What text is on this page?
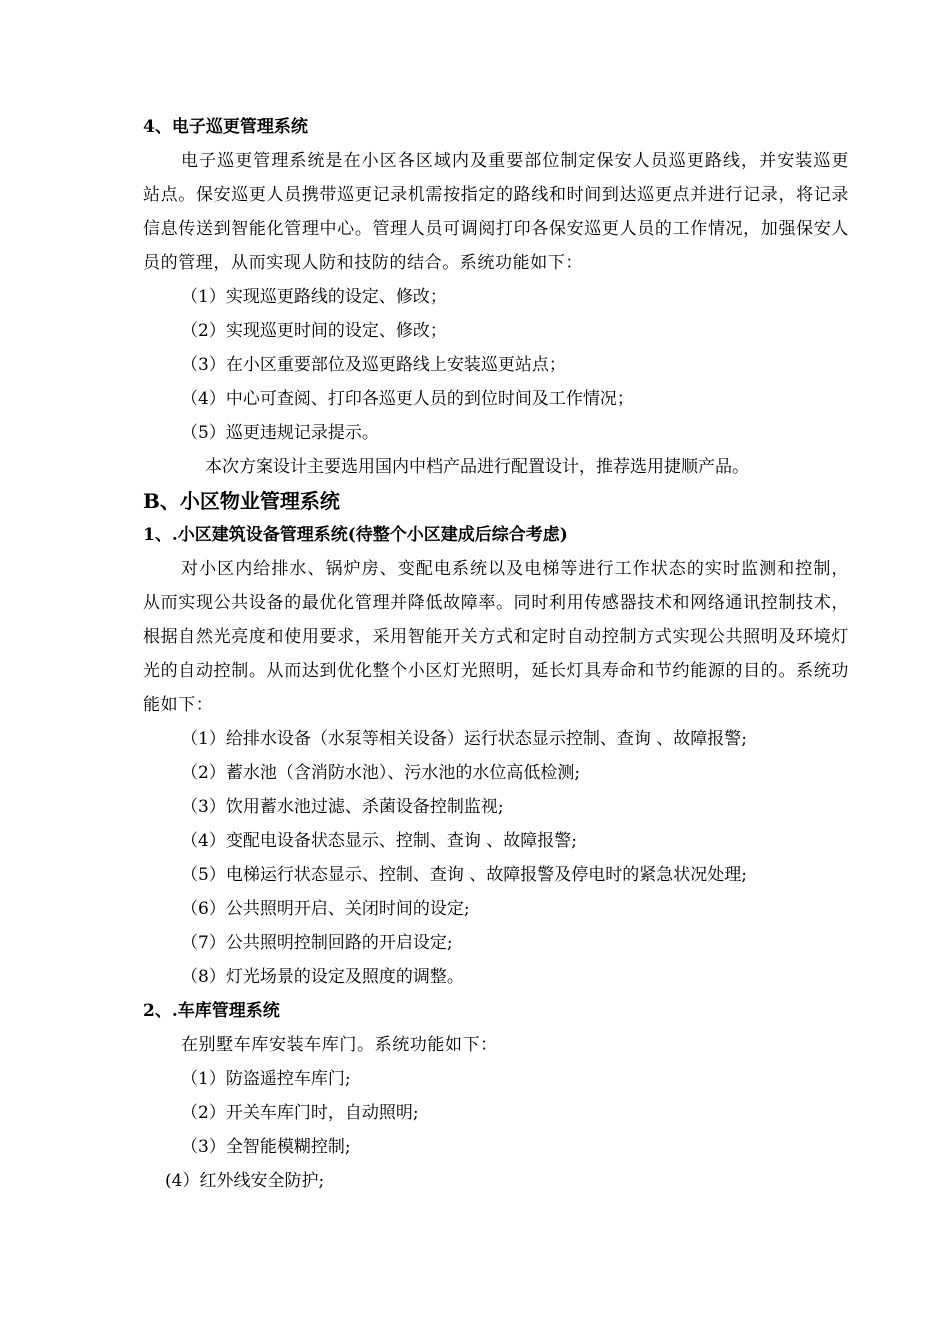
4、电子巡更管理系统

电子巡更管理系统是在小区各区域内及重要部位制定保安人员巡更路线，并安装巡更站点。保安巡更人员携带巡更记录机需按指定的路线和时间到达巡更点并进行记录，将记录信息传送到智能化管理中心。管理人员可调阅打印各保安巡更人员的工作情况，加强保安人员的管理，从而实现人防和技防的结合。系统功能如下：

（1）实现巡更路线的设定、修改；

（2）实现巡更时间的设定、修改；

（3）在小区重要部位及巡更路线上安装巡更站点；

（4）中心可查阅、打印各巡更人员的到位时间及工作情况；

（5）巡更违规记录提示。

本次方案设计主要选用国内中档产品进行配置设计，推荐选用捷顺产品。

B、小区物业管理系统

1、.小区建筑设备管理系统(待整个小区建成后综合考虑)

对小区内给排水、锅炉房、变配电系统以及电梯等进行工作状态的实时监测和控制，从而实现公共设备的最优化管理并降低故障率。同时利用传感器技术和网络通讯控制技术，根据自然光亮度和使用要求，采用智能开关方式和定时自动控制方式实现公共照明及环境灯光的自动控制。从而达到优化整个小区灯光照明，延长灯具寿命和节约能源的目的。系统功能如下：

（1）给排水设备（水泵等相关设备）运行状态显示控制、查询 、故障报警;

（2）蓄水池（含消防水池）、污水池的水位高低检测;

（3）饮用蓄水池过滤、杀菌设备控制监视;

（4）变配电设备状态显示、控制、查询 、故障报警;

（5）电梯运行状态显示、控制、查询 、故障报警及停电时的紧急状况处理;

（6）公共照明开启、关闭时间的设定;

（7）公共照明控制回路的开启设定;

（8）灯光场景的设定及照度的调整。

2、.车库管理系统

在别墅车库安装车库门。系统功能如下：

（1）防盗遥控车库门;

（2）开关车库门时，自动照明;

（3）全智能模糊控制;

(4）红外线安全防护;
